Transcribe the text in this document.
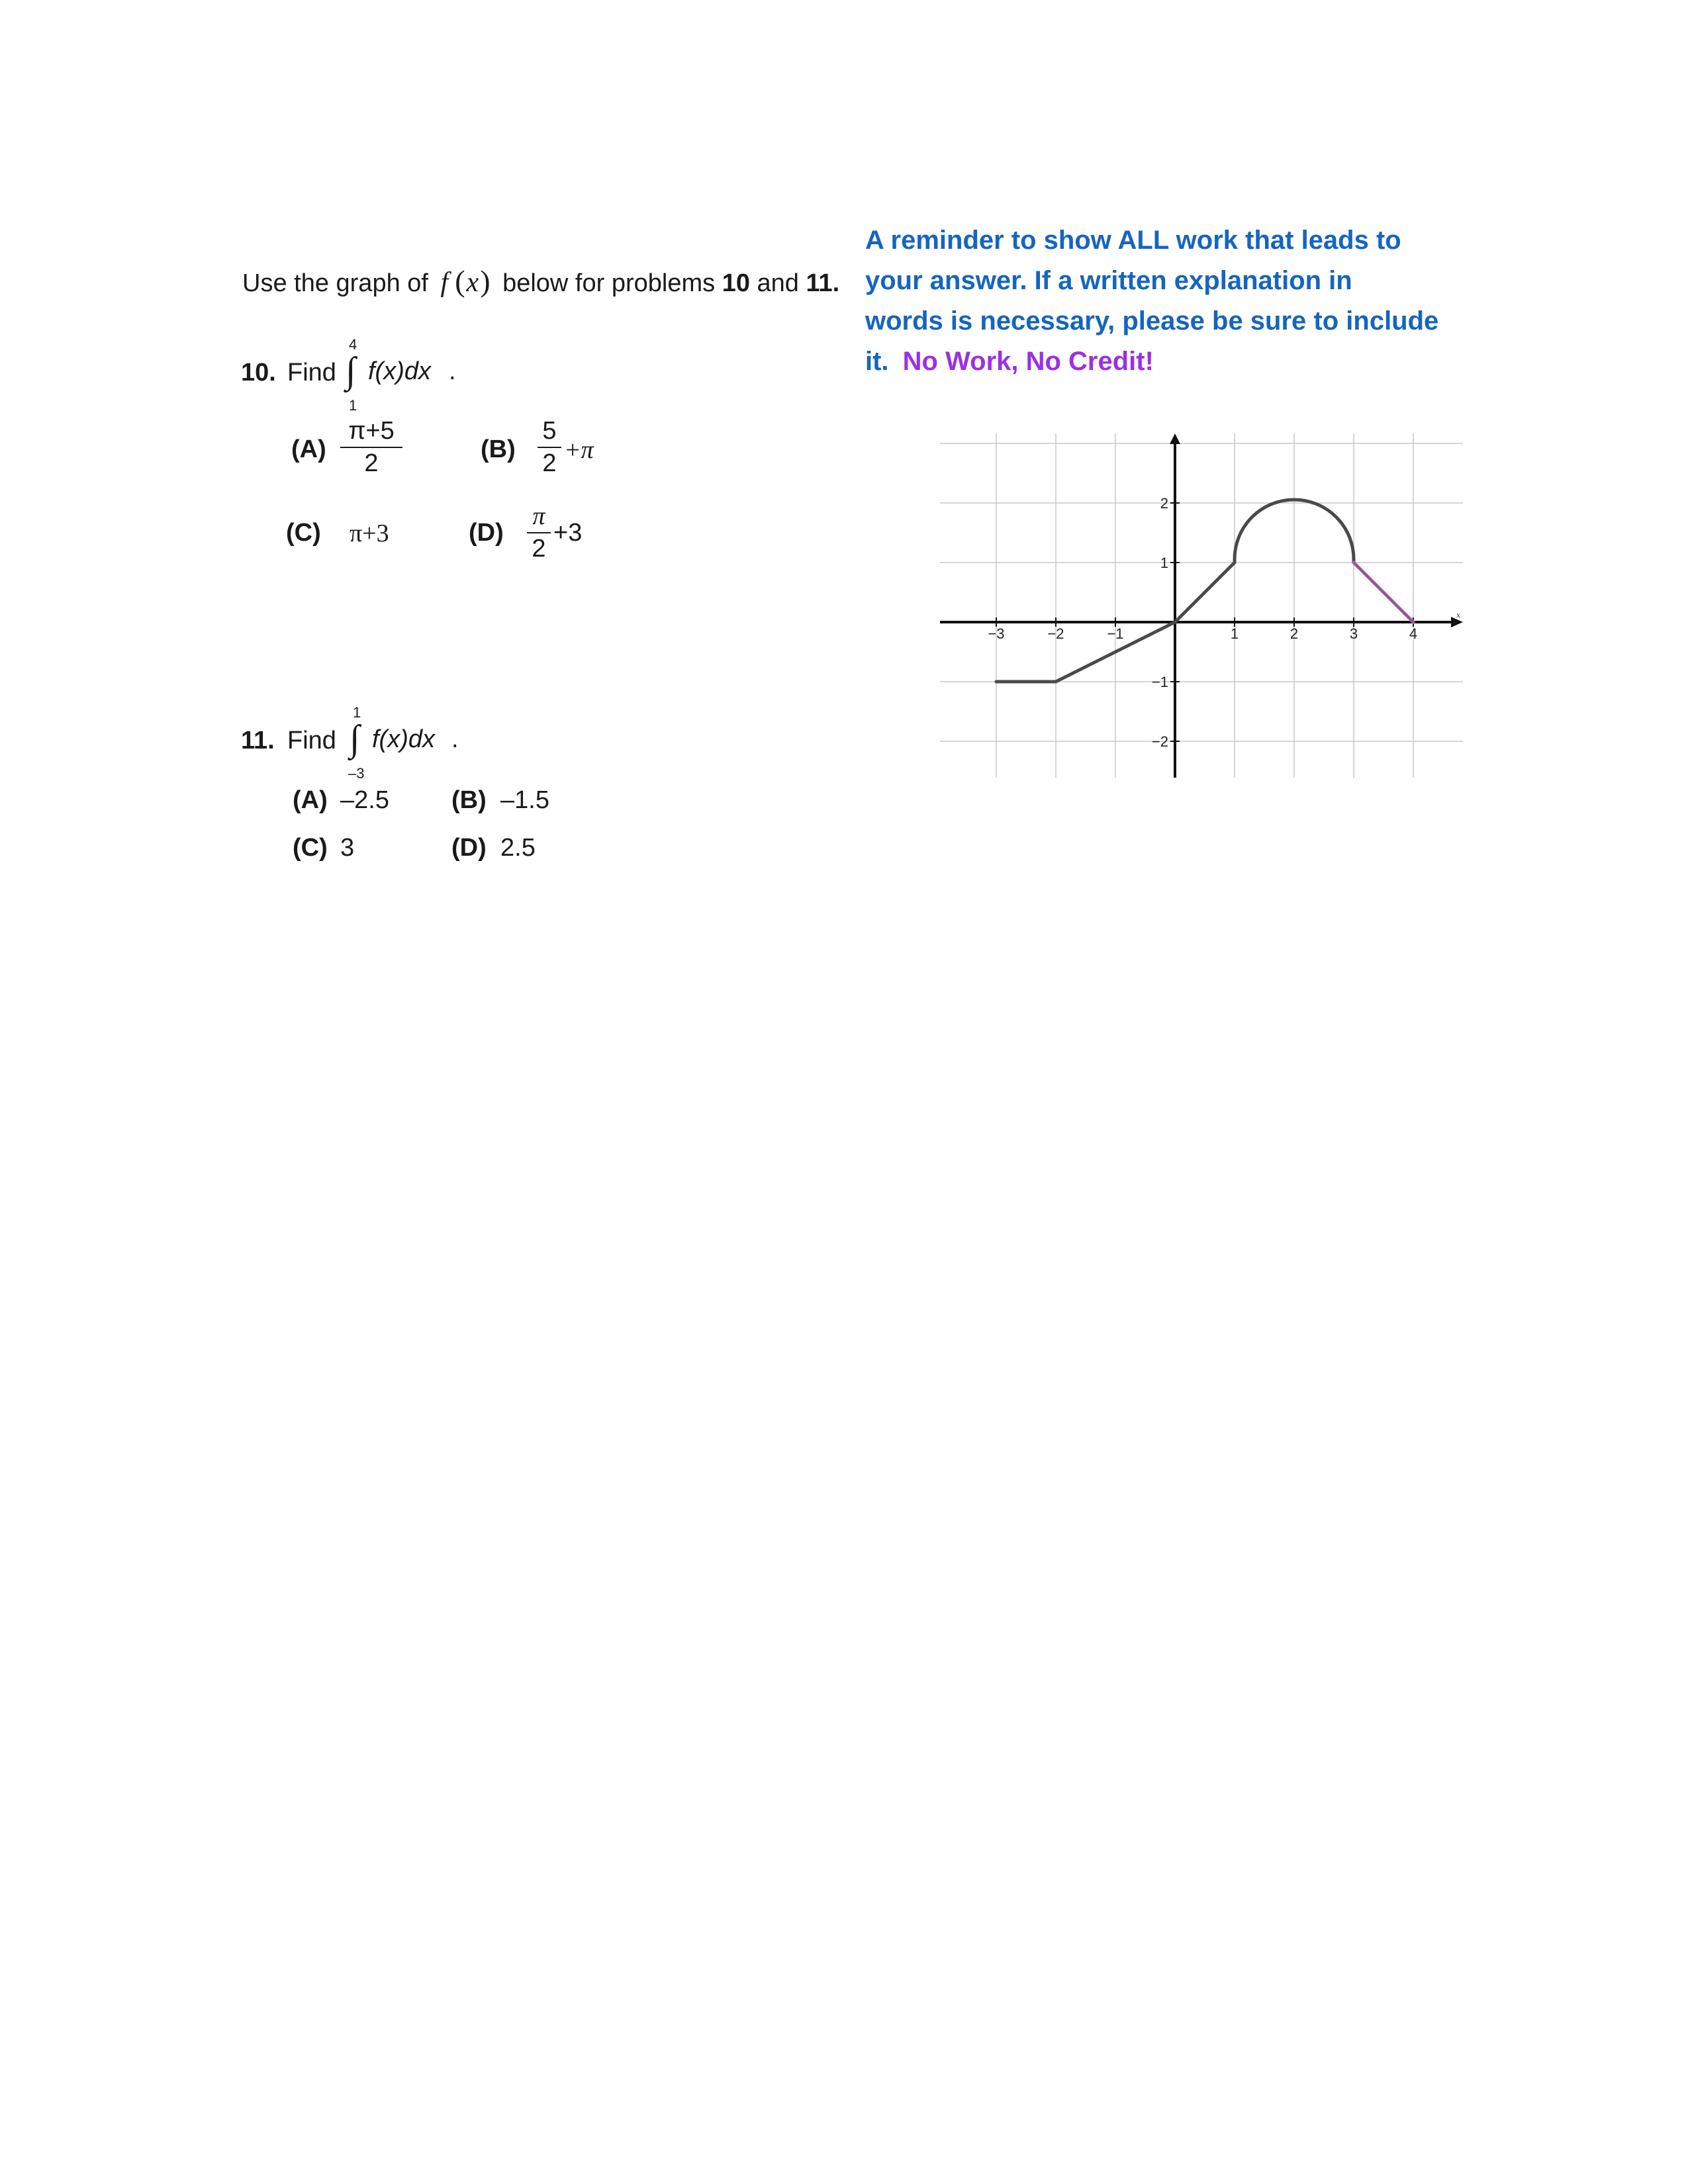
Use the graph of f (x) below for problems 10 and 11.
A reminder to show ALL work that leads to
your answer. If a written explanation in
words is necessary, please be sure to include
it. No Work, No Credit!
10. Find
4
∫
1
f(x)dx .
(A)
π+5
2	(B)
5
2 +π
(C) π+3	(D)
π
2
+3
11. Find
1
∫
–3
f(x)dx .
(A) –2.5 (B) –1.5
(C) 3	(D) 2.5
−3	−2	−1	1	2	3	4
2
1
−1
−2
x
